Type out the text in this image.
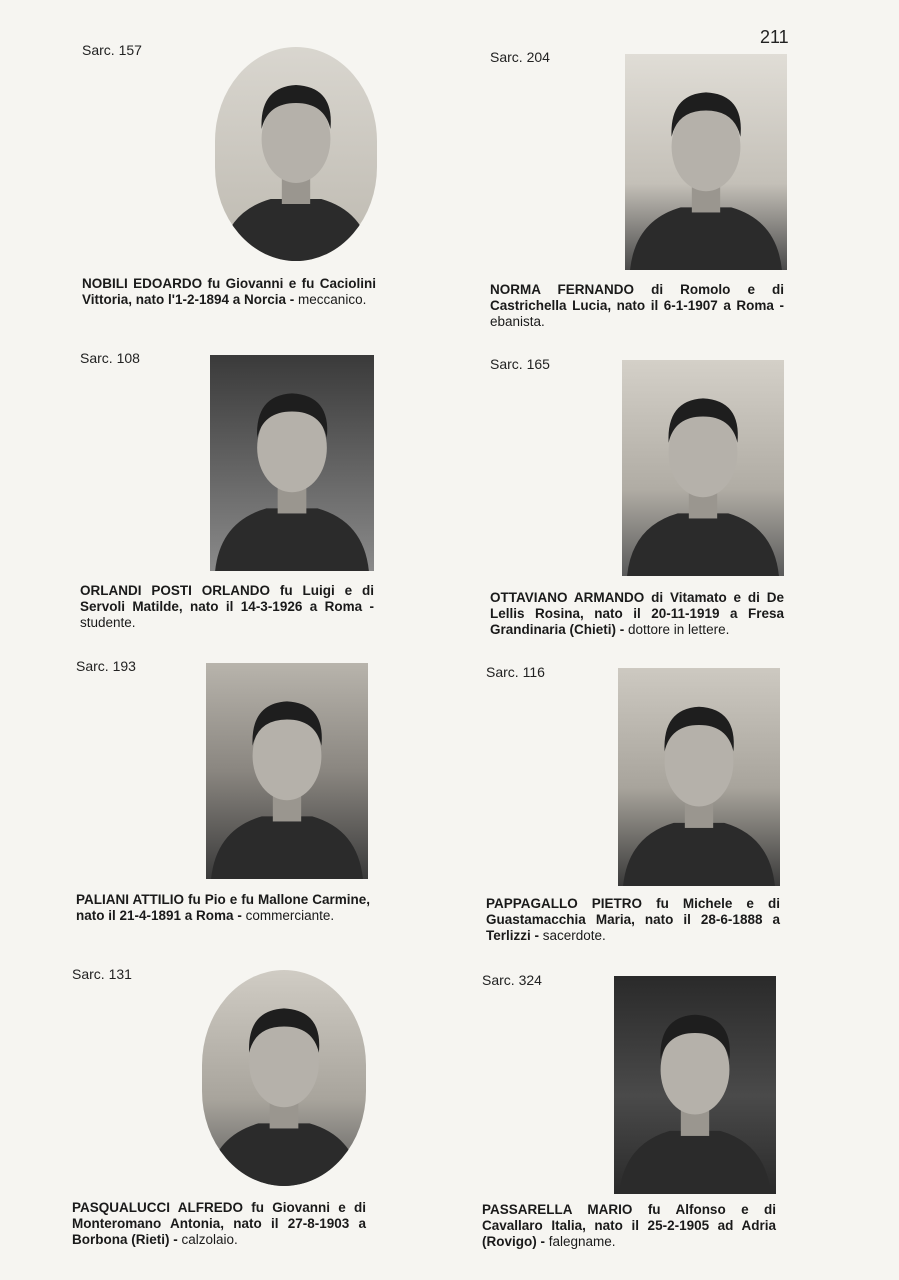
211
Sarc. 157
NOBILI EDOARDO fu Giovanni e fu Caciolini Vittoria, nato l'1-2-1894 a Norcia - meccanico.
Sarc. 108
ORLANDI POSTI ORLANDO fu Luigi e di Servoli Matilde, nato il 14-3-1926 a Roma - studente.
Sarc. 193
PALIANI ATTILIO fu Pio e fu Mallone Carmine, nato il 21-4-1891 a Roma - commerciante.
Sarc. 131
PASQUALUCCI ALFREDO fu Giovanni e di Monteromano Antonia, nato il 27-8-1903 a Borbona (Rieti) - calzolaio.
Sarc. 204
NORMA FERNANDO di Romolo e di Castrichella Lucia, nato il 6-1-1907 a Roma - ebanista.
Sarc. 165
OTTAVIANO ARMANDO di Vitamato e di De Lellis Rosina, nato il 20-11-1919 a Fresa Grandinaria (Chieti) - dottore in lettere.
Sarc. 116
PAPPAGALLO PIETRO fu Michele e di Guastamacchia Maria, nato il 28-6-1888 a Terlizzi - sacerdote.
Sarc. 324
PASSARELLA MARIO fu Alfonso e di Cavallaro Italia, nato il 25-2-1905 ad Adria (Rovigo) - falegname.
